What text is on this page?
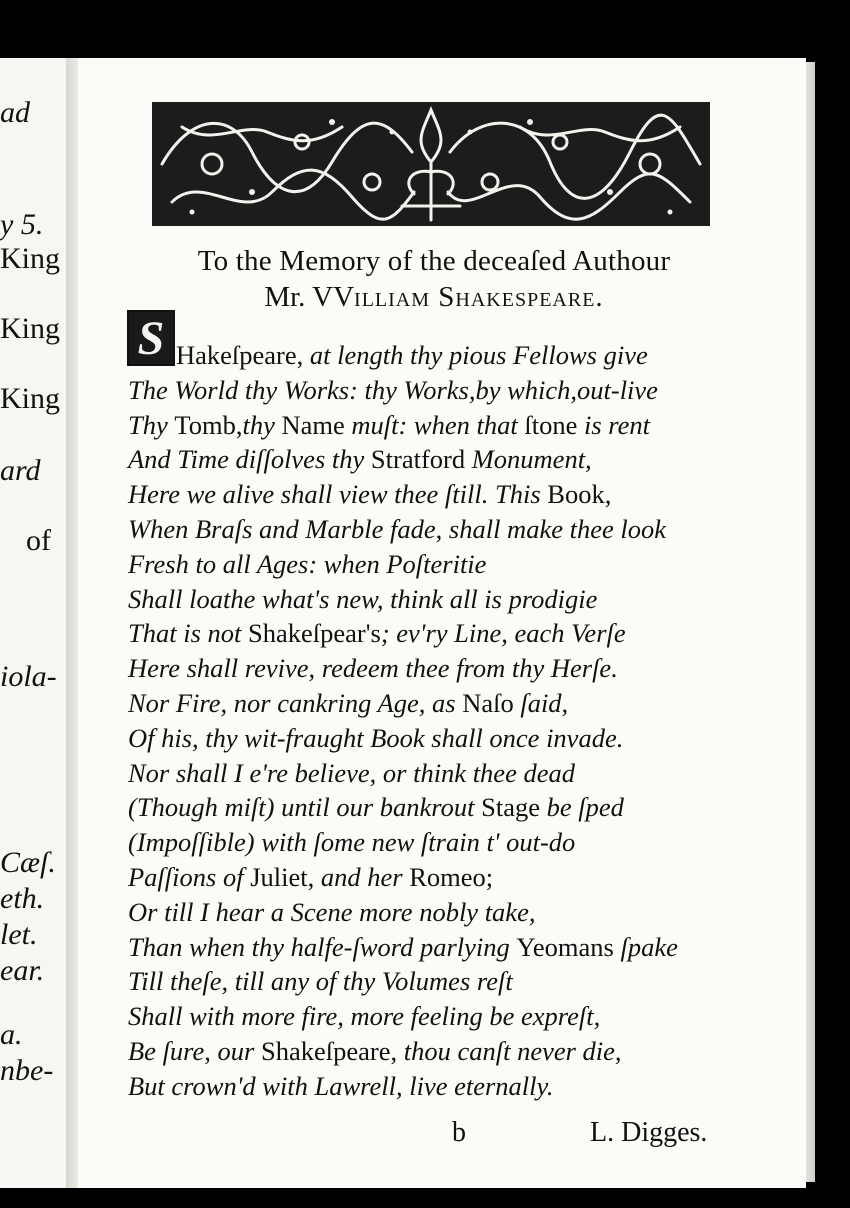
ad
y 5.
King
King
King
ard
of
iola-
Cæſ.
eth.
let.
ear.
a.
nbe-
To the Memory of the deceaſed Authour
Mr. VVilliam Shakespeare.
S Hakeſpeare, at length thy pious Fellows give
The World thy Works: thy Works,by which,out-live
Thy Tomb,thy Name muſt: when that ſtone is rent
And Time diſſolves thy Stratford Monument,
Here we alive shall view thee ſtill. This Book,
When Braſs and Marble fade, shall make thee look
Fresh to all Ages: when Poſteritie
Shall loathe what's new, think all is prodigie
That is not Shakeſpear's; ev'ry Line, each Verſe
Here shall revive, redeem thee from thy Herſe.
Nor Fire, nor cankring Age, as Naſo ſaid,
Of his, thy wit-fraught Book shall once invade.
Nor shall I e're believe, or think thee dead
(Though miſt) until our bankrout Stage be ſped
(Impoſſible) with ſome new ſtrain t' out-do
Paſſions of Juliet, and her Romeo;
Or till I hear a Scene more nobly take,
Than when thy halfe-ſword parlying Yeomans ſpake
Till theſe, till any of thy Volumes reſt
Shall with more fire, more feeling be expreſt,
Be ſure, our Shakeſpeare, thou canſt never die,
But crown'd with Lawrell, live eternally.
b	L. Digges.
